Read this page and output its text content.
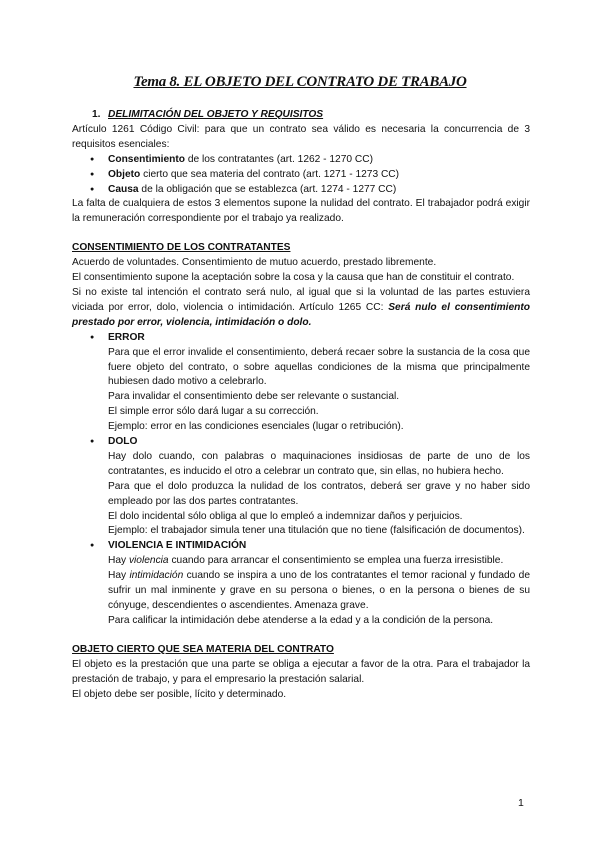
Tema 8. EL OBJETO DEL CONTRATO DE TRABAJO

1. DELIMITACIÓN DEL OBJETO Y REQUISITOS

Artículo 1261 Código Civil: para que un contrato sea válido es necesaria la concurrencia de 3 requisitos esenciales:

● Consentimiento de los contratantes (art. 1262 - 1270 CC)
● Objeto cierto que sea materia del contrato (art. 1271 - 1273 CC)
● Causa de la obligación que se establezca (art. 1274 - 1277 CC)

La falta de cualquiera de estos 3 elementos supone la nulidad del contrato. El trabajador podrá exigir la remuneración correspondiente por el trabajo ya realizado.

CONSENTIMIENTO DE LOS CONTRATANTES

Acuerdo de voluntades. Consentimiento de mutuo acuerdo, prestado libremente.

El consentimiento supone la aceptación sobre la cosa y la causa que han de constituir el contrato.

Si no existe tal intención el contrato será nulo, al igual que si la voluntad de las partes estuviera viciada por error, dolo, violencia o intimidación. Artículo 1265 CC: Será nulo el consentimiento prestado por error, violencia, intimidación o dolo.

ERROR

Para que el error invalide el consentimiento, deberá recaer sobre la sustancia de la cosa que fuere objeto del contrato, o sobre aquellas condiciones de la misma que principalmente hubiesen dado motivo a celebrarlo.

Para invalidar el consentimiento debe ser relevante o sustancial.

El simple error sólo dará lugar a su corrección.

Ejemplo: error en las condiciones esenciales (lugar o retribución).

DOLO

Hay dolo cuando, con palabras o maquinaciones insidiosas de parte de uno de los contratantes, es inducido el otro a celebrar un contrato que, sin ellas, no hubiera hecho.

Para que el dolo produzca la nulidad de los contratos, deberá ser grave y no haber sido empleado por las dos partes contratantes.

El dolo incidental sólo obliga al que lo empleó a indemnizar daños y perjuicios.

Ejemplo: el trabajador simula tener una titulación que no tiene (falsificación de documentos).

VIOLENCIA E INTIMIDACIÓN

Hay violencia cuando para arrancar el consentimiento se emplea una fuerza irresistible.

Hay intimidación cuando se inspira a uno de los contratantes el temor racional y fundado de sufrir un mal inminente y grave en su persona o bienes, o en la persona o bienes de su cónyuge, descendientes o ascendientes. Amenaza grave.

Para calificar la intimidación debe atenderse a la edad y a la condición de la persona.

OBJETO CIERTO QUE SEA MATERIA DEL CONTRATO

El objeto es la prestación que una parte se obliga a ejecutar a favor de la otra. Para el trabajador la prestación de trabajo, y para el empresario la prestación salarial.

El objeto debe ser posible, lícito y determinado.

1
